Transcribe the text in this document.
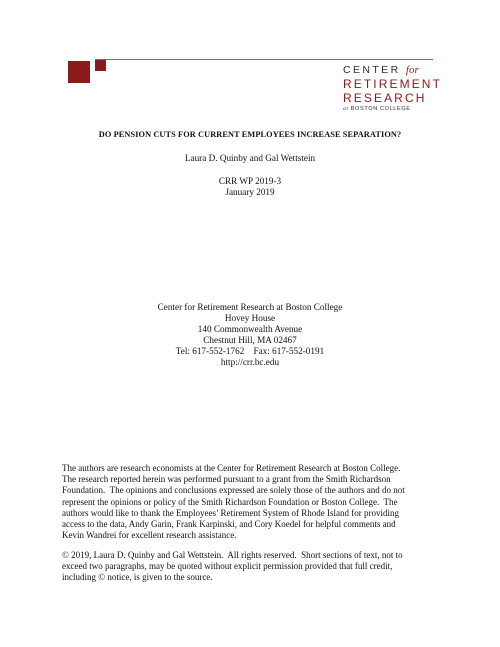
CENTER for
RETIREMENT
RESEARCH
at BOSTON COLLEGE
DO PENSION CUTS FOR CURRENT EMPLOYEES INCREASE SEPARATION?
Laura D. Quinby and Gal Wettstein
CRR WP 2019-3
January 2019
Center for Retirement Research at Boston College
Hovey House
140 Commonwealth Avenue
Chestnut Hill, MA 02467
Tel: 617-552-1762    Fax: 617-552-0191
http://crr.bc.edu
The authors are research economists at the Center for Retirement Research at Boston College.
The research reported herein was performed pursuant to a grant from the Smith Richardson
Foundation.  The opinions and conclusions expressed are solely those of the authors and do not
represent the opinions or policy of the Smith Richardson Foundation or Boston College.  The
authors would like to thank the Employees’ Retirement System of Rhode Island for providing
access to the data, Andy Garin, Frank Karpinski, and Cory Koedel for helpful comments and
Kevin Wandrei for excellent research assistance.
© 2019, Laura D. Quinby and Gal Wettstein.  All rights reserved.  Short sections of text, not to
exceed two paragraphs, may be quoted without explicit permission provided that full credit,
including © notice, is given to the source.
